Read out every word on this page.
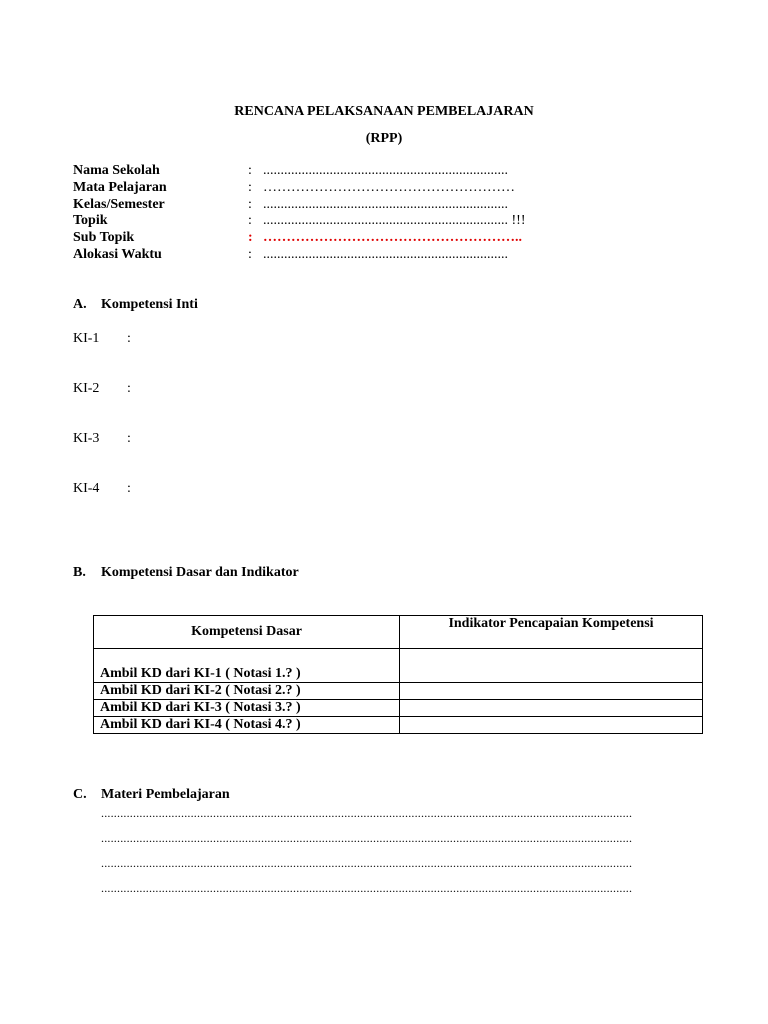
RENCANA PELAKSANAAN PEMBELAJARAN
(RPP)
Nama Sekolah	: ......................................................................
Mata Pelajaran	: ………………………………………………
Kelas/Semester	: ......................................................................
Topik	: ...................................................................... !!!
Sub Topik	: ………………………………………………..
Alokasi Waktu	: ......................................................................
A. Kompetensi Inti
KI-1 :
KI-2 :
KI-3 :
KI-4 :
B. Kompetensi Dasar dan Indikator
Kompetensi Dasar	Indikator Pencapaian Kompetensi
Ambil KD dari KI-1 ( Notasi 1.? )	
Ambil KD dari KI-2 ( Notasi 2.? )	
Ambil KD dari KI-3 ( Notasi 3.? )	
Ambil KD dari KI-4 ( Notasi 4.? )	
C. Materi Pembelajaran
......................................................................................................................................................................
......................................................................................................................................................................
......................................................................................................................................................................
......................................................................................................................................................................
